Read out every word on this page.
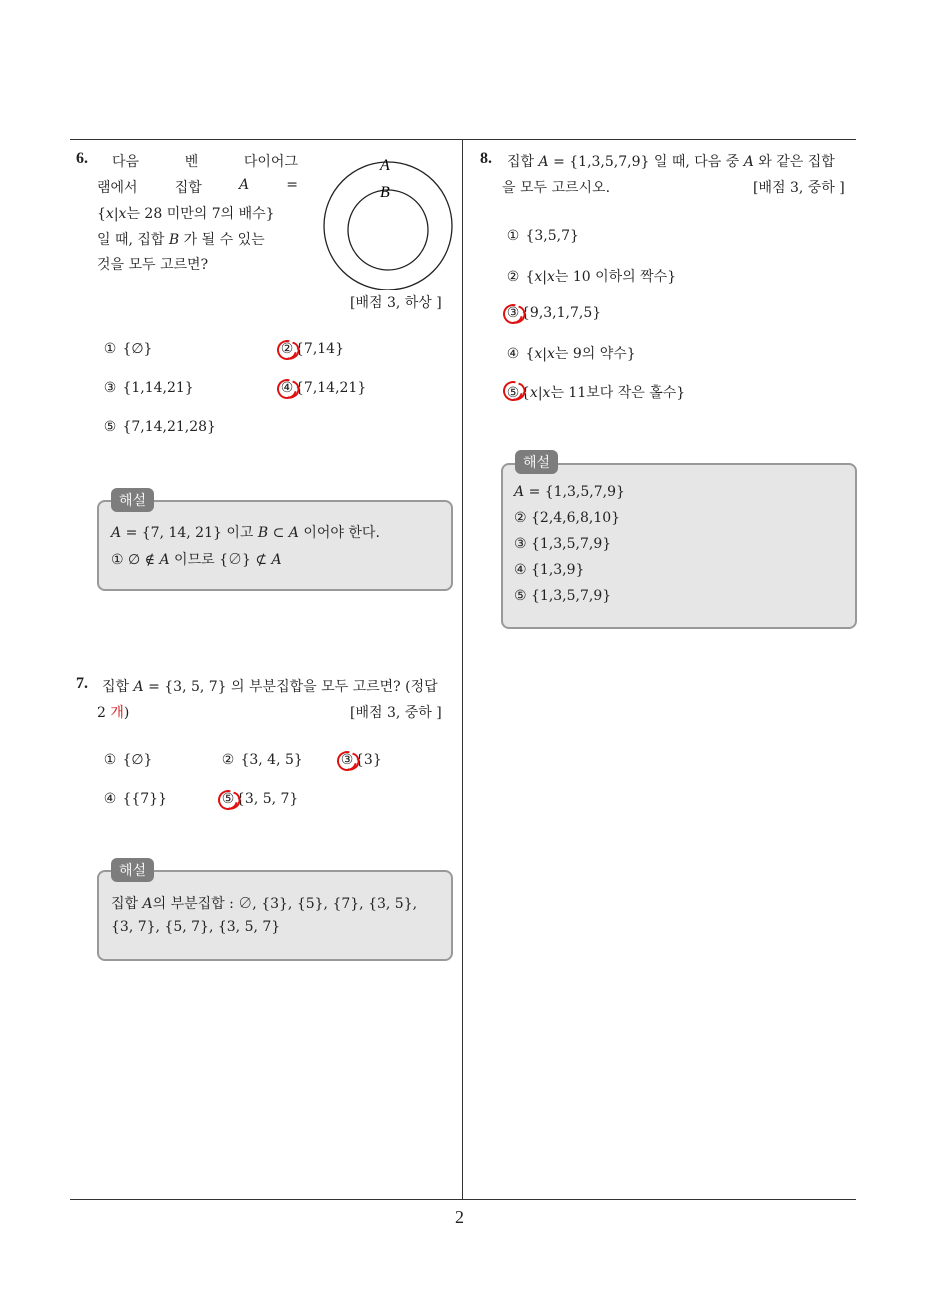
6. 다음	벤	다이어그
램에서	집합	A	=
{x|x는 28 미만의 7의 배수}
일 때, 집합 B 가 될 수 있는
것을 모두 고르면?
A
B
[배점 3, 하상 ]
① {∅}	② {7,14}
③ {1,14,21}	④ {7,14,21}
⑤ {7,14,21,28}
해설
A = {7, 14, 21} 이고 B ⊂ A 이어야 한다.
① ∅ ∉ A 이므로 {∅} ⊄ A
7. 집합 A = {3, 5, 7} 의 부분집합을 모두 고르면? (정답
2 개)	[배점 3, 중하 ]
① {∅}	② {3, 4, 5}	③ {3}
④ {{7}}	⑤ {3, 5, 7}
해설
집합 A의 부분집합 : ∅, {3}, {5}, {7}, {3, 5},
{3, 7}, {5, 7}, {3, 5, 7}
8. 집합 A = {1,3,5,7,9} 일 때, 다음 중 A 와 같은 집합
을 모두 고르시오.	[배점 3, 중하 ]
① {3,5,7}
② {x|x는 10 이하의 짝수}
③ {9,3,1,7,5}
④ {x|x는 9의 약수}
⑤ {x|x는 11보다 작은 홀수}
해설
A = {1,3,5,7,9}
② {2,4,6,8,10}
③ {1,3,5,7,9}
④ {1,3,9}
⑤ {1,3,5,7,9}
2
